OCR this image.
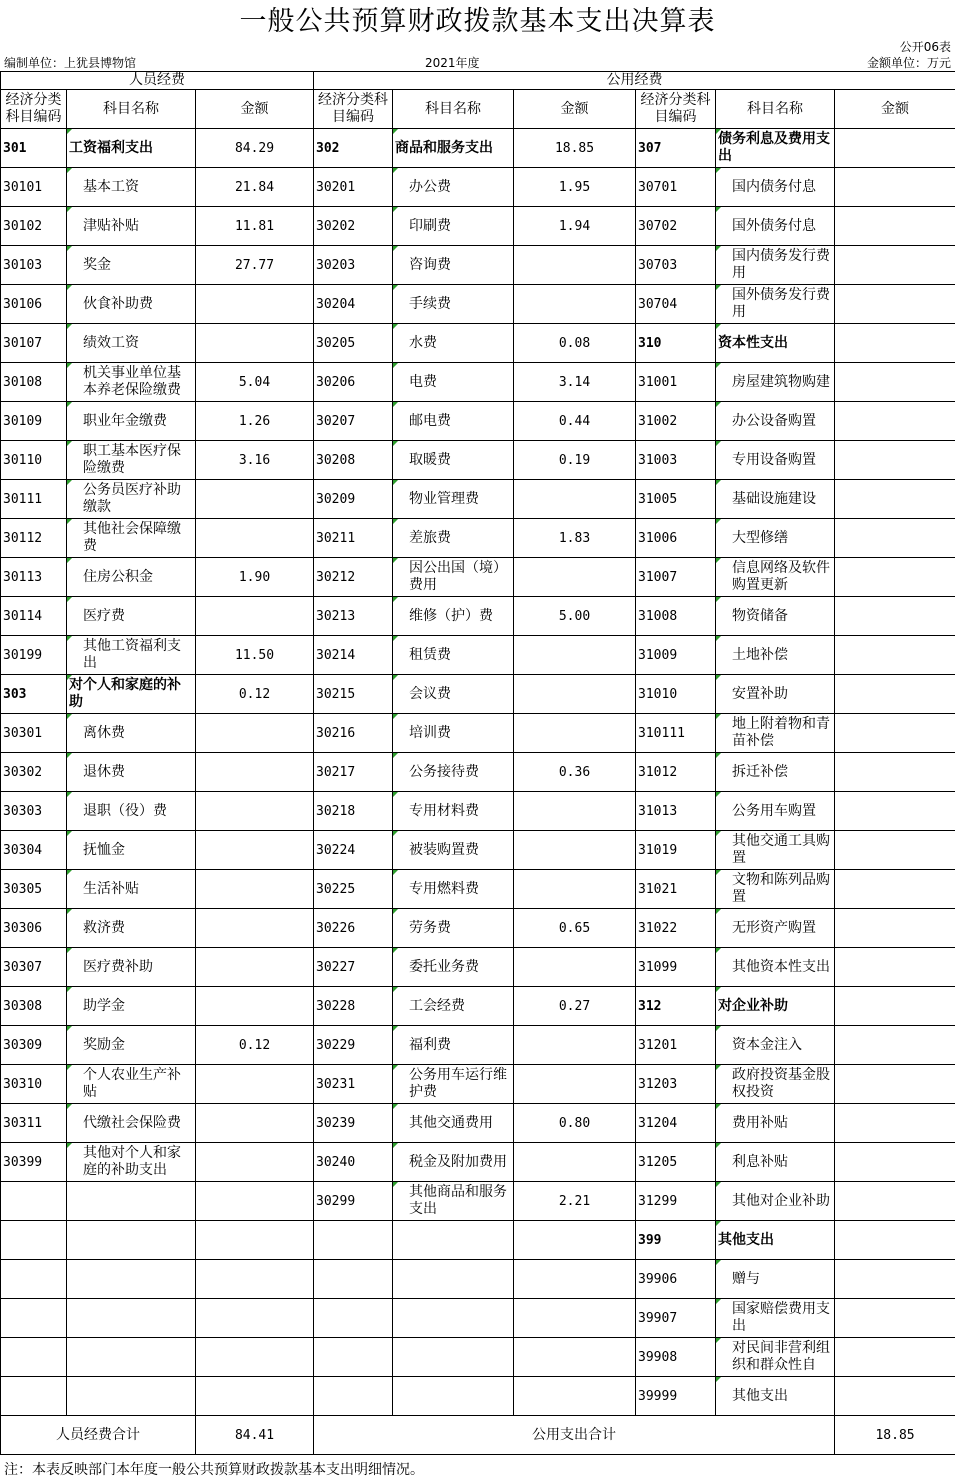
一般公共预算财政拨款基本支出决算表
公开06表
编制单位：上犹县博物馆	2021年度	金额单位：万元
人员经费			公用经费					
经济分类科目编码	科目名称	金额	经济分类科目编码	科目名称	金额	经济分类科目编码	科目名称	金额
301	工资福利支出	84.29	302	商品和服务支出	18.85	307	债务利息及费用支出	
30101	基本工资	21.84	30201	办公费	1.95	30701	国内债务付息	
30102	津贴补贴	11.81	30202	印刷费	1.94	30702	国外债务付息	
30103	奖金	27.77	30203	咨询费		30703	国内债务发行费用	
30106	伙食补助费		30204	手续费		30704	国外债务发行费用	
30107	绩效工资		30205	水费	0.08	310	资本性支出	
30108	机关事业单位基本养老保险缴费	5.04	30206	电费	3.14	31001	房屋建筑物购建	
30109	职业年金缴费	1.26	30207	邮电费	0.44	31002	办公设备购置	
30110	职工基本医疗保险缴费	3.16	30208	取暖费	0.19	31003	专用设备购置	
30111	公务员医疗补助缴款		30209	物业管理费		31005	基础设施建设	
30112	其他社会保障缴费		30211	差旅费	1.83	31006	大型修缮	
30113	住房公积金	1.90	30212	因公出国（境）费用		31007	信息网络及软件购置更新	
30114	医疗费		30213	维修（护）费	5.00	31008	物资储备	
30199	其他工资福利支出	11.50	30214	租赁费		31009	土地补偿	
303	对个人和家庭的补助	0.12	30215	会议费		31010	安置补助	
30301	离休费		30216	培训费		310111	地上附着物和青苗补偿	
30302	退休费		30217	公务接待费	0.36	31012	拆迁补偿	
30303	退职（役）费		30218	专用材料费		31013	公务用车购置	
30304	抚恤金		30224	被装购置费		31019	其他交通工具购置	
30305	生活补贴		30225	专用燃料费		31021	文物和陈列品购置	
30306	救济费		30226	劳务费	0.65	31022	无形资产购置	
30307	医疗费补助		30227	委托业务费		31099	其他资本性支出	
30308	助学金		30228	工会经费	0.27	312	对企业补助	
30309	奖励金	0.12	30229	福利费		31201	资本金注入	
30310	个人农业生产补贴		30231	公务用车运行维护费		31203	政府投资基金股权投资	
30311	代缴社会保险费		30239	其他交通费用	0.80	31204	费用补贴	
30399	其他对个人和家庭的补助支出		30240	税金及附加费用		31205	利息补贴	
			30299	其他商品和服务支出	2.21	31299	其他对企业补助	
						399	其他支出	
						39906	赠与	
						39907	国家赔偿费用支出	
						39908	对民间非营利组织和群众性自	
						39999	其他支出	
人员经费合计		84.41	公用支出合计					18.85
注：本表反映部门本年度一般公共预算财政拨款基本支出明细情况。
